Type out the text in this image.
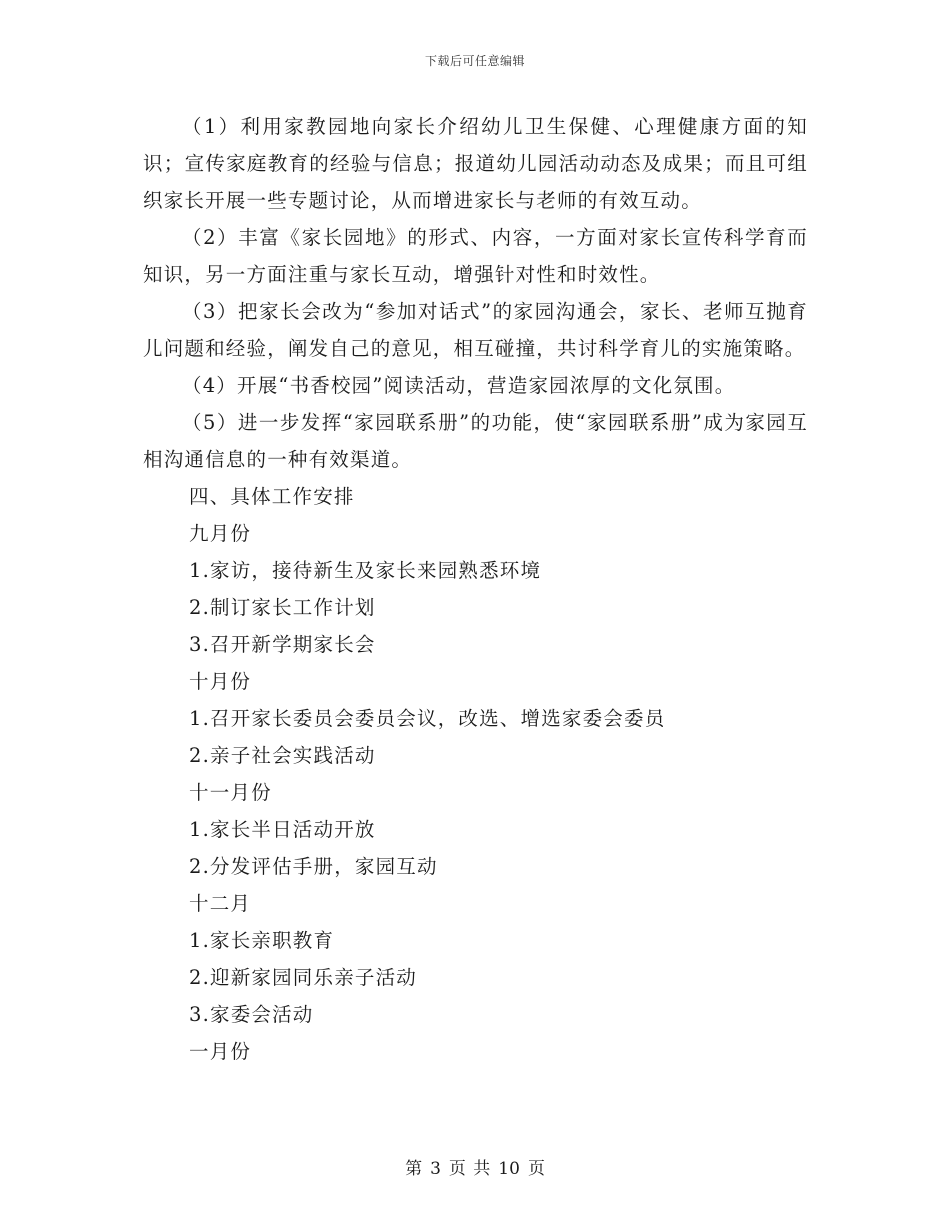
下载后可任意编辑

（1）利用家教园地向家长介绍幼儿卫生保健、心理健康方面的知识；宣传家庭教育的经验与信息；报道幼儿园活动动态及成果；而且可组织家长开展一些专题讨论，从而增进家长与老师的有效互动。

（2）丰富《家长园地》的形式、内容，一方面对家长宣传科学育而知识，另一方面注重与家长互动，增强针对性和时效性。

（3）把家长会改为“参加对话式”的家园沟通会，家长、老师互抛育儿问题和经验，阐发自己的意见，相互碰撞，共讨科学育儿的实施策略。

（4）开展“书香校园”阅读活动，营造家园浓厚的文化氛围。

（5）进一步发挥“家园联系册”的功能，使“家园联系册”成为家园互相沟通信息的一种有效渠道。

四、具体工作安排

九月份

1.家访，接待新生及家长来园熟悉环境

2.制订家长工作计划

3.召开新学期家长会

十月份

1.召开家长委员会委员会议，改选、增选家委会委员

2.亲子社会实践活动

十一月份

1.家长半日活动开放

2.分发评估手册，家园互动

十二月

1.家长亲职教育

2.迎新家园同乐亲子活动

3.家委会活动

一月份

第 3 页 共 10 页
